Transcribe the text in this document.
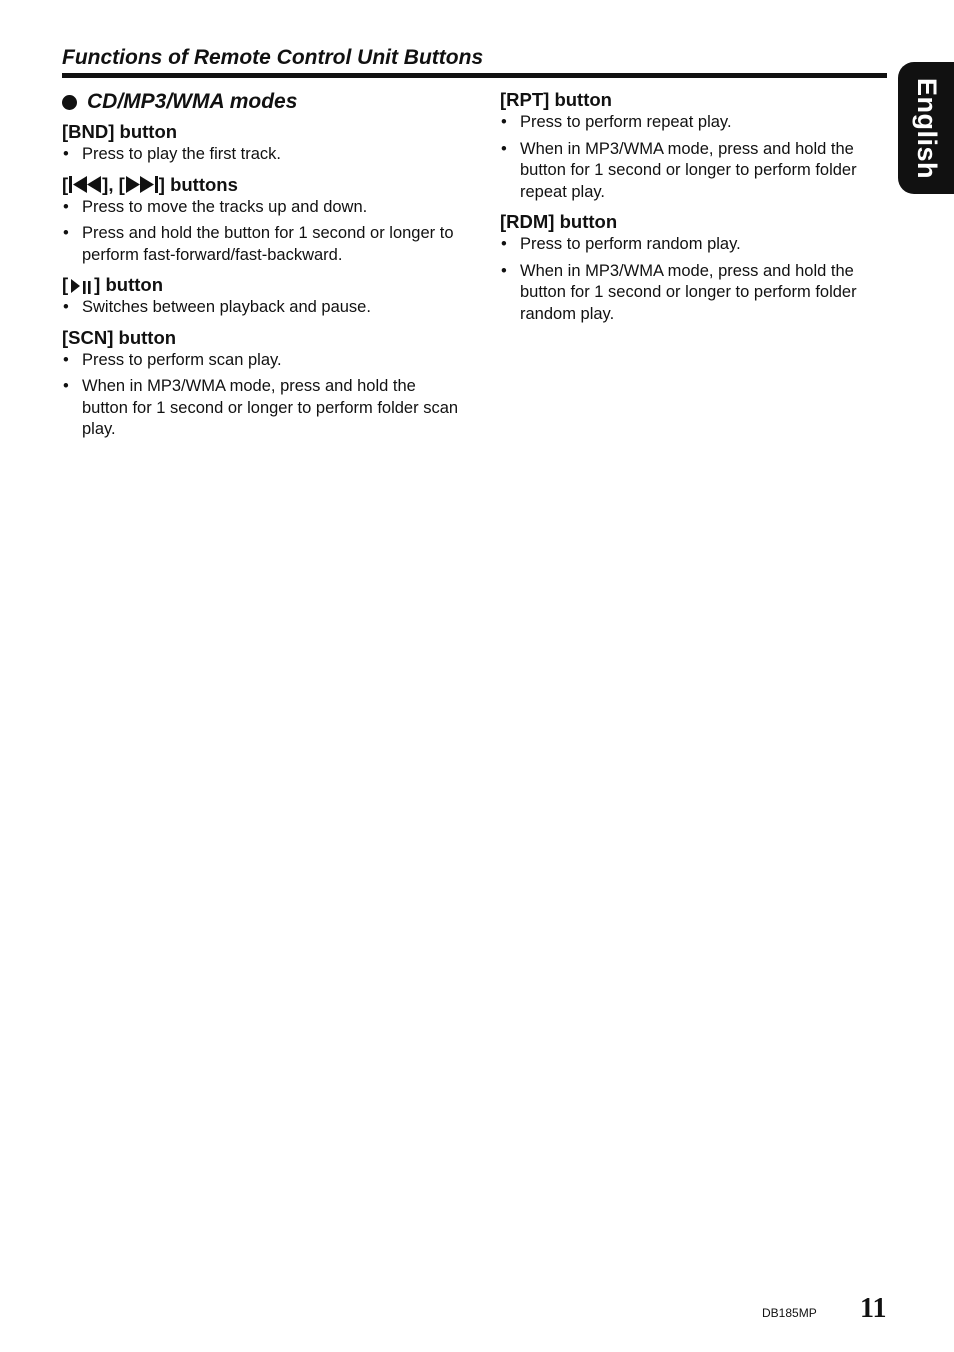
Functions of Remote Control Unit Buttons
English
CD/MP3/WMA modes
[BND] button
• Press to play the first track.
[ ], [ ] buttons
• Press to move the tracks up and down.
• Press and hold the button for 1 second or longer to perform fast-forward/fast-backward.
[ ] button
• Switches between playback and pause.
[SCN] button
• Press to perform scan play.
• When in MP3/WMA mode, press and hold the button for 1 second or longer to perform folder scan play.
[RPT] button
• Press to perform repeat play.
• When in MP3/WMA mode, press and hold the button for 1 second or longer to perform folder repeat play.
[RDM] button
• Press to perform random play.
• When in MP3/WMA mode, press and hold the button for 1 second or longer to perform folder random play.
DB185MP 11
